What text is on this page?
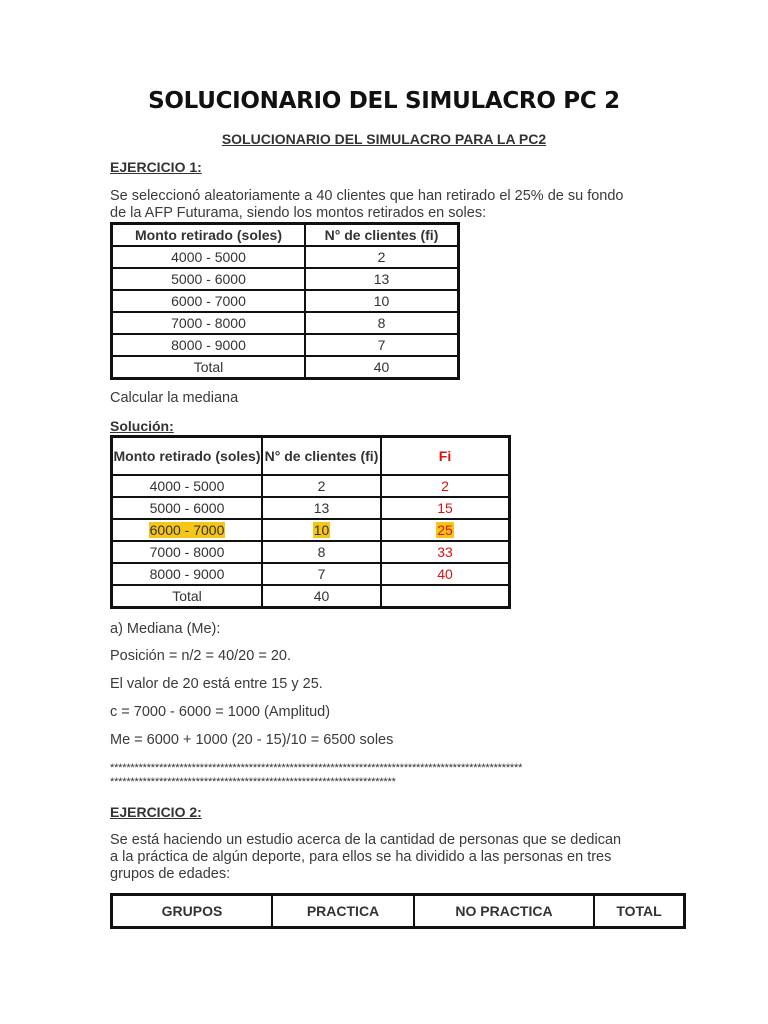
SOLUCIONARIO DEL SIMULACRO PC 2
SOLUCIONARIO DEL SIMULACRO PARA LA PC2
EJERCICIO 1:
Se seleccionó aleatoriamente a 40 clientes que han retirado el 25% de su fondo
de la AFP Futurama, siendo los montos retirados en soles:
Monto retirado (soles)	N° de clientes (fi)
4000 - 5000	2
5000 - 6000	13
6000 - 7000	10
7000 - 8000	8
8000 - 9000	7
Total	40
Calcular la mediana
Solución:
Monto retirado (soles)	N° de clientes (fi)	Fi
4000 - 5000	2	2
5000 - 6000	13	15
6000 - 7000	10	25
7000 - 8000	8	33
8000 - 9000	7	40
Total	40	
a) Mediana (Me):
Posición = n/2 = 40/20 = 20.
El valor de 20 está entre 15 y 25.
c = 7000 - 6000 = 1000 (Amplitud)
Me = 6000 + 1000 (20 - 15)/10 = 6500 soles
*****************************************************************************************************
**********************************************************************
EJERCICIO 2:
Se está haciendo un estudio acerca de la cantidad de personas que se dedican
a la práctica de algún deporte, para ellos se ha dividido a las personas en tres
grupos de edades:
GRUPOS	PRACTICA	NO PRACTICA	TOTAL
